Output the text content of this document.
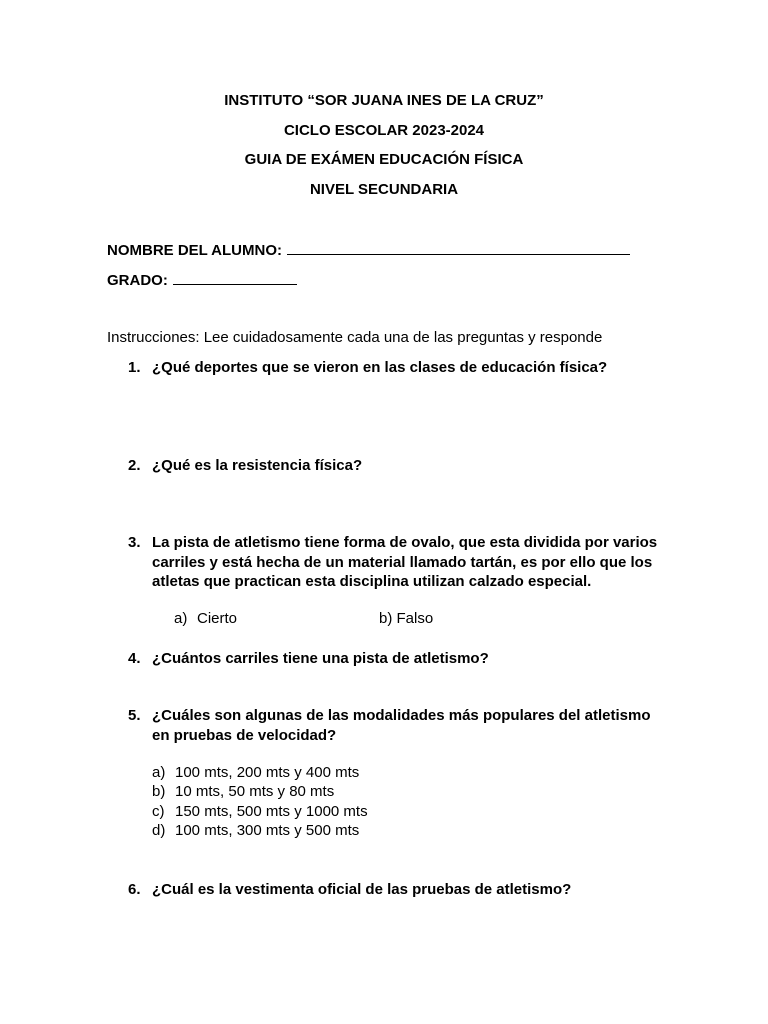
INSTITUTO “SOR JUANA INES DE LA CRUZ”
CICLO ESCOLAR 2023-2024
GUIA DE EXÁMEN EDUCACIÓN FÍSICA
NIVEL SECUNDARIA
NOMBRE DEL ALUMNO:
GRADO:
Instrucciones: Lee cuidadosamente cada una de las preguntas y responde
1. ¿Qué deportes que se vieron en las clases de educación física?
2. ¿Qué es la resistencia física?
3. La pista de atletismo tiene forma de ovalo, que esta dividida por varios carriles y está hecha de un material llamado tartán, es por ello que los atletas que practican esta disciplina utilizan calzado especial.
a) Cierto	b) Falso
4. ¿Cuántos carriles tiene una pista de atletismo?
5. ¿Cuáles son algunas de las modalidades más populares del atletismo en pruebas de velocidad?
a) 100 mts, 200 mts y 400 mts
b) 10 mts, 50 mts y 80 mts
c) 150 mts, 500 mts y 1000 mts
d) 100 mts, 300 mts y 500 mts
6. ¿Cuál es la vestimenta oficial de las pruebas de atletismo?
